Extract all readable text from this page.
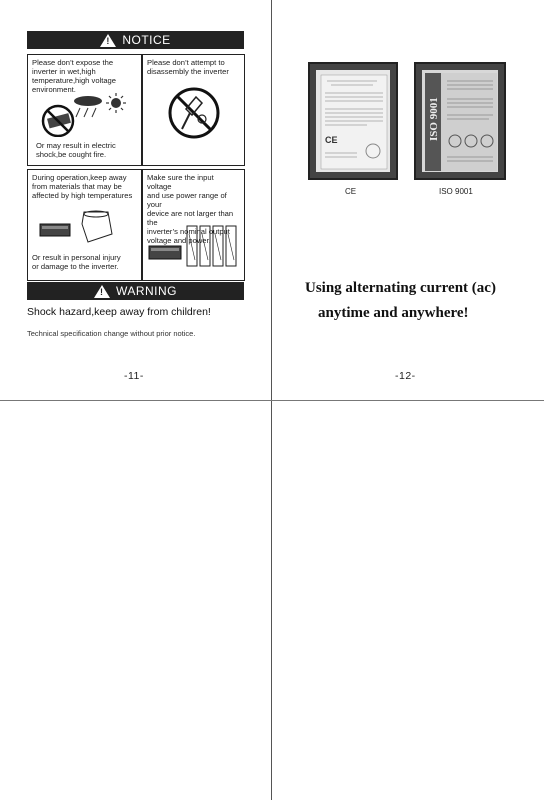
!
NOTICE
Please don’t expose the
inverter in wet,high
temperature,high voltage
environment.
Or may result in electric
shock,be cought fire.
Please don’t attempt to
disassembly the inverter
During operation,keep away
from materials that may be
affected by high temperatures
Or result in personal injury
or damage to the inverter.
Make sure the input voltage
and use power range of your
device are not larger than the
inverter’s nominal output
voltage and power.
!
WARNING
Shock hazard,keep away from children!
Technical specification change without prior notice.
-11-
CE	ISO 9001
CE	ISO 9001
Using alternating current (ac)
anytime and anywhere!
-12-
